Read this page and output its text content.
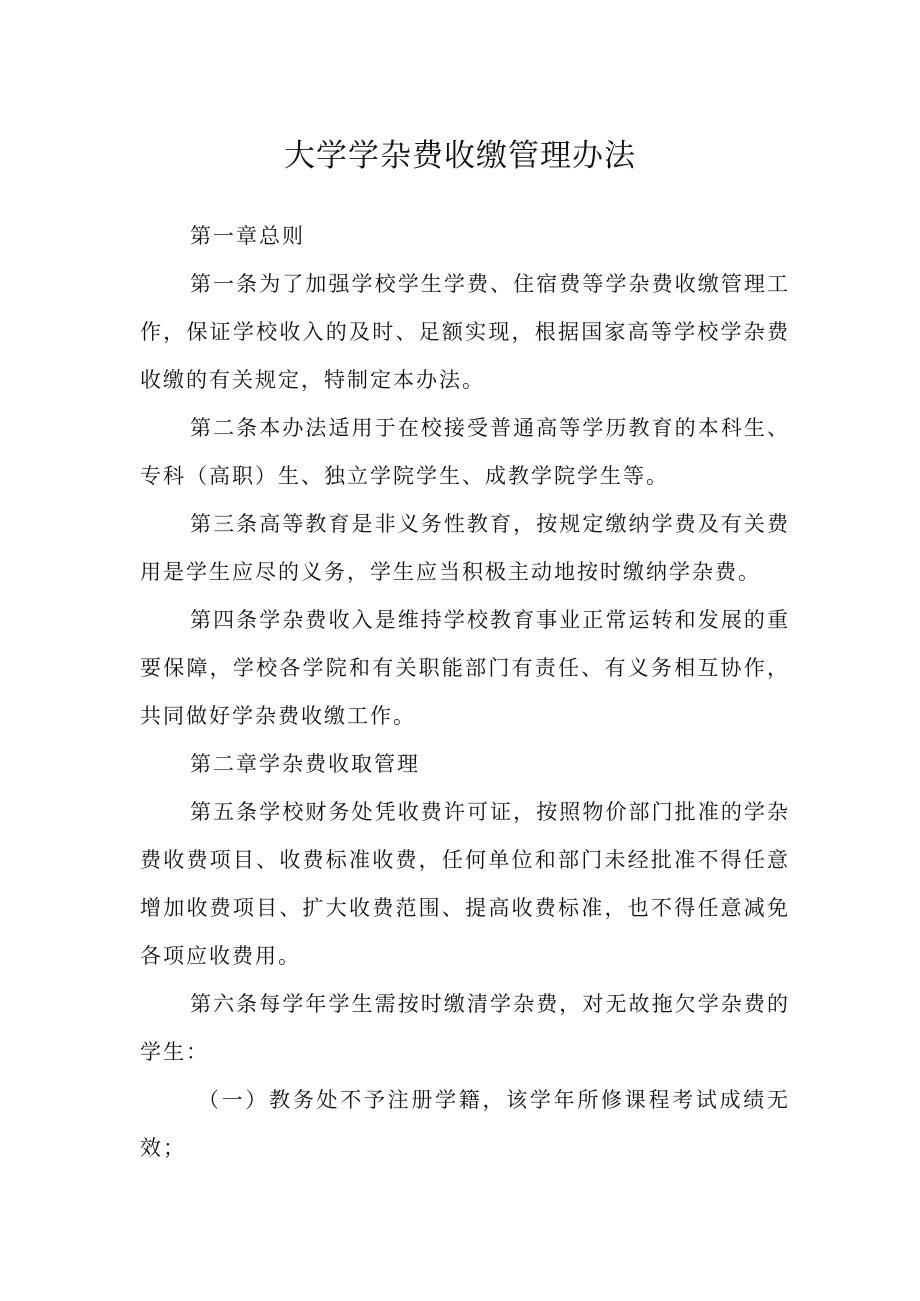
大学学杂费收缴管理办法

第一章总则

第一条为了加强学校学生学费、住宿费等学杂费收缴管理工作，保证学校收入的及时、足额实现，根据国家高等学校学杂费收缴的有关规定，特制定本办法。

第二条本办法适用于在校接受普通高等学历教育的本科生、专科（高职）生、独立学院学生、成教学院学生等。

第三条高等教育是非义务性教育，按规定缴纳学费及有关费用是学生应尽的义务，学生应当积极主动地按时缴纳学杂费。

第四条学杂费收入是维持学校教育事业正常运转和发展的重要保障，学校各学院和有关职能部门有责任、有义务相互协作，共同做好学杂费收缴工作。

第二章学杂费收取管理

第五条学校财务处凭收费许可证，按照物价部门批准的学杂费收费项目、收费标准收费，任何单位和部门未经批准不得任意增加收费项目、扩大收费范围、提高收费标准，也不得任意减免各项应收费用。

第六条每学年学生需按时缴清学杂费，对无故拖欠学杂费的学生：

（一）教务处不予注册学籍，该学年所修课程考试成绩无效；
